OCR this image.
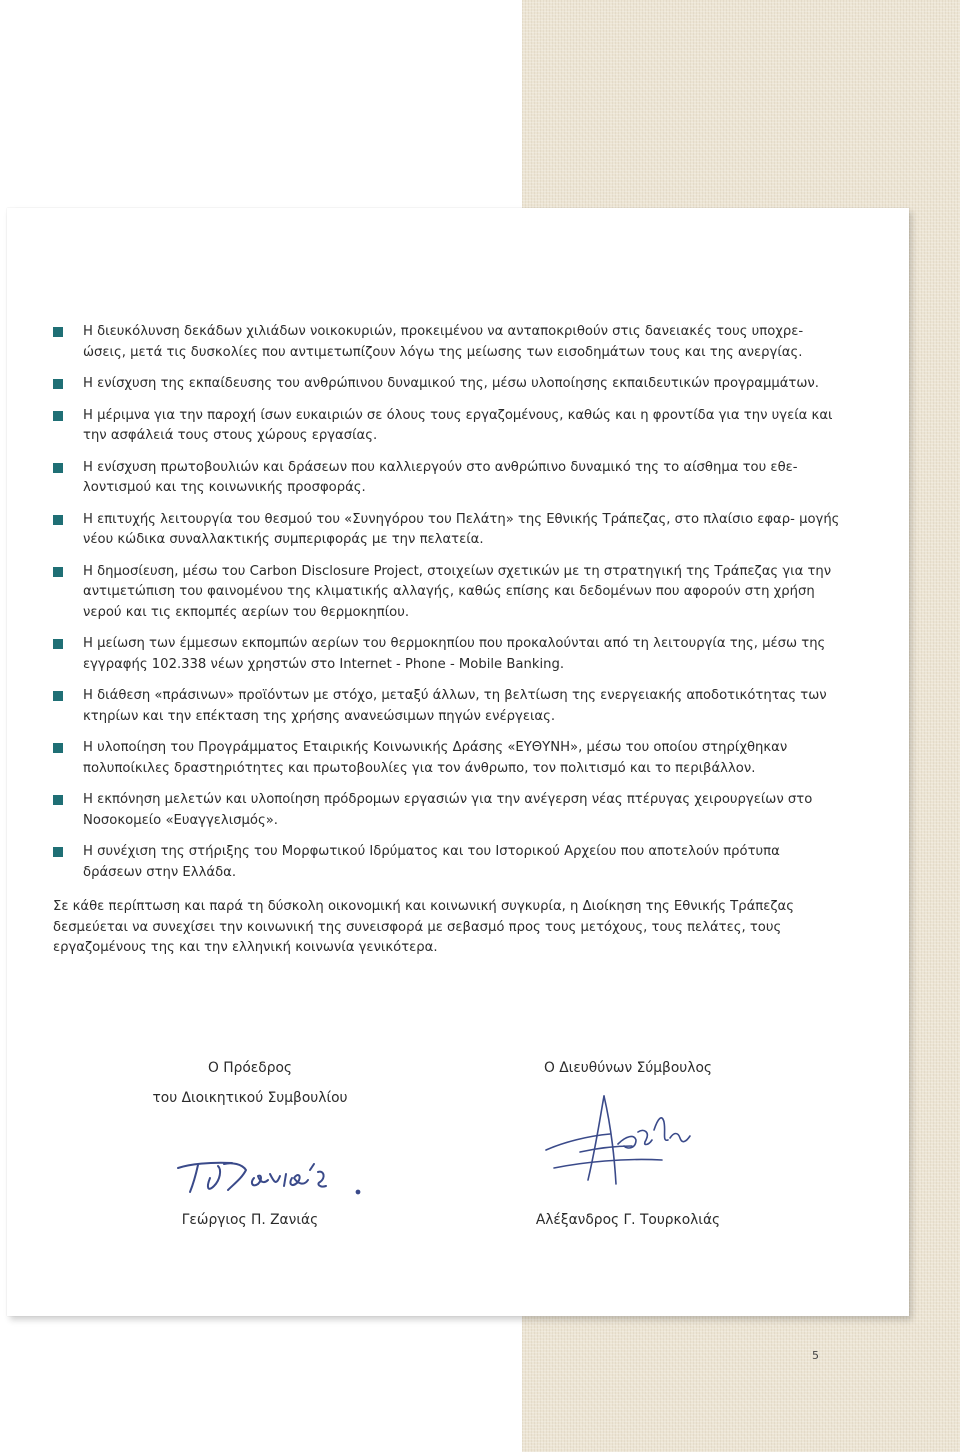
Η διευκόλυνση δεκάδων χιλιάδων νοικοκυριών, προκειμένου να ανταποκριθούν στις δανειακές τους υποχρε- ώσεις, μετά τις δυσκολίες που αντιμετωπίζουν λόγω της μείωσης των εισοδημάτων τους και της ανεργίας.
Η ενίσχυση της εκπαίδευσης του ανθρώπινου δυναμικού της, μέσω υλοποίησης εκπαιδευτικών προγραμμάτων.
Η μέριμνα για την παροχή ίσων ευκαιριών σε όλους τους εργαζομένους, καθώς και η φροντίδα για την υγεία και την ασφάλειά τους στους χώρους εργασίας.
Η ενίσχυση πρωτοβουλιών και δράσεων που καλλιεργούν στο ανθρώπινο δυναμικό της το αίσθημα του εθε- λοντισμού και της κοινωνικής προσφοράς.
Η επιτυχής λειτουργία του θεσμού του «Συνηγόρου του Πελάτη» της Εθνικής Τράπεζας, στο πλαίσιο εφαρ- μογής νέου κώδικα συναλλακτικής συμπεριφοράς με την πελατεία.
Η δημοσίευση, μέσω του Carbon Disclosure Project, στοιχείων σχετικών με τη στρατηγική της Τράπεζας για την αντιμετώπιση του φαινομένου της κλιματικής αλλαγής, καθώς επίσης και δεδομένων που αφορούν στη χρήση νερού και τις εκπομπές αερίων του θερμοκηπίου.
Η μείωση των έμμεσων εκπομπών αερίων του θερμοκηπίου που προκαλούνται από τη λειτουργία της, μέσω της εγγραφής 102.338 νέων χρηστών στο Internet - Phone - Mobile Banking.
Η διάθεση «πράσινων» προϊόντων με στόχο, μεταξύ άλλων, τη βελτίωση της ενεργειακής αποδοτικότητας των κτηρίων και την επέκταση της χρήσης ανανεώσιμων πηγών ενέργειας.
Η υλοποίηση του Προγράμματος Εταιρικής Κοινωνικής Δράσης «ΕΥΘΥΝΗ», μέσω του οποίου στηρίχθηκαν πολυποίκιλες δραστηριότητες και πρωτοβουλίες για τον άνθρωπο, τον πολιτισμό και το περιβάλλον.
Η εκπόνηση μελετών και υλοποίηση πρόδρομων εργασιών για την ανέγερση νέας πτέρυγας χειρουργείων στο Νοσοκομείο «Ευαγγελισμός».
Η συνέχιση της στήριξης του Μορφωτικού Ιδρύματος και του Ιστορικού Αρχείου που αποτελούν πρότυπα δράσεων στην Ελλάδα.

Σε κάθε περίπτωση και παρά τη δύσκολη οικονομική και κοινωνική συγκυρία, η Διοίκηση της Εθνικής Τράπεζας δεσμεύεται να συνεχίσει την κοινωνική της συνεισφορά με σεβασμό προς τους μετόχους, τους πελάτες, τους εργαζομένους της και την ελληνική κοινωνία γενικότερα.

Ο Πρόεδρος
του Διοικητικού Συμβουλίου
Γεώργιος Π. Ζανιάς
Ο Διευθύνων Σύμβουλος
Αλέξανδρος Γ. Τουρκολιάς
5
